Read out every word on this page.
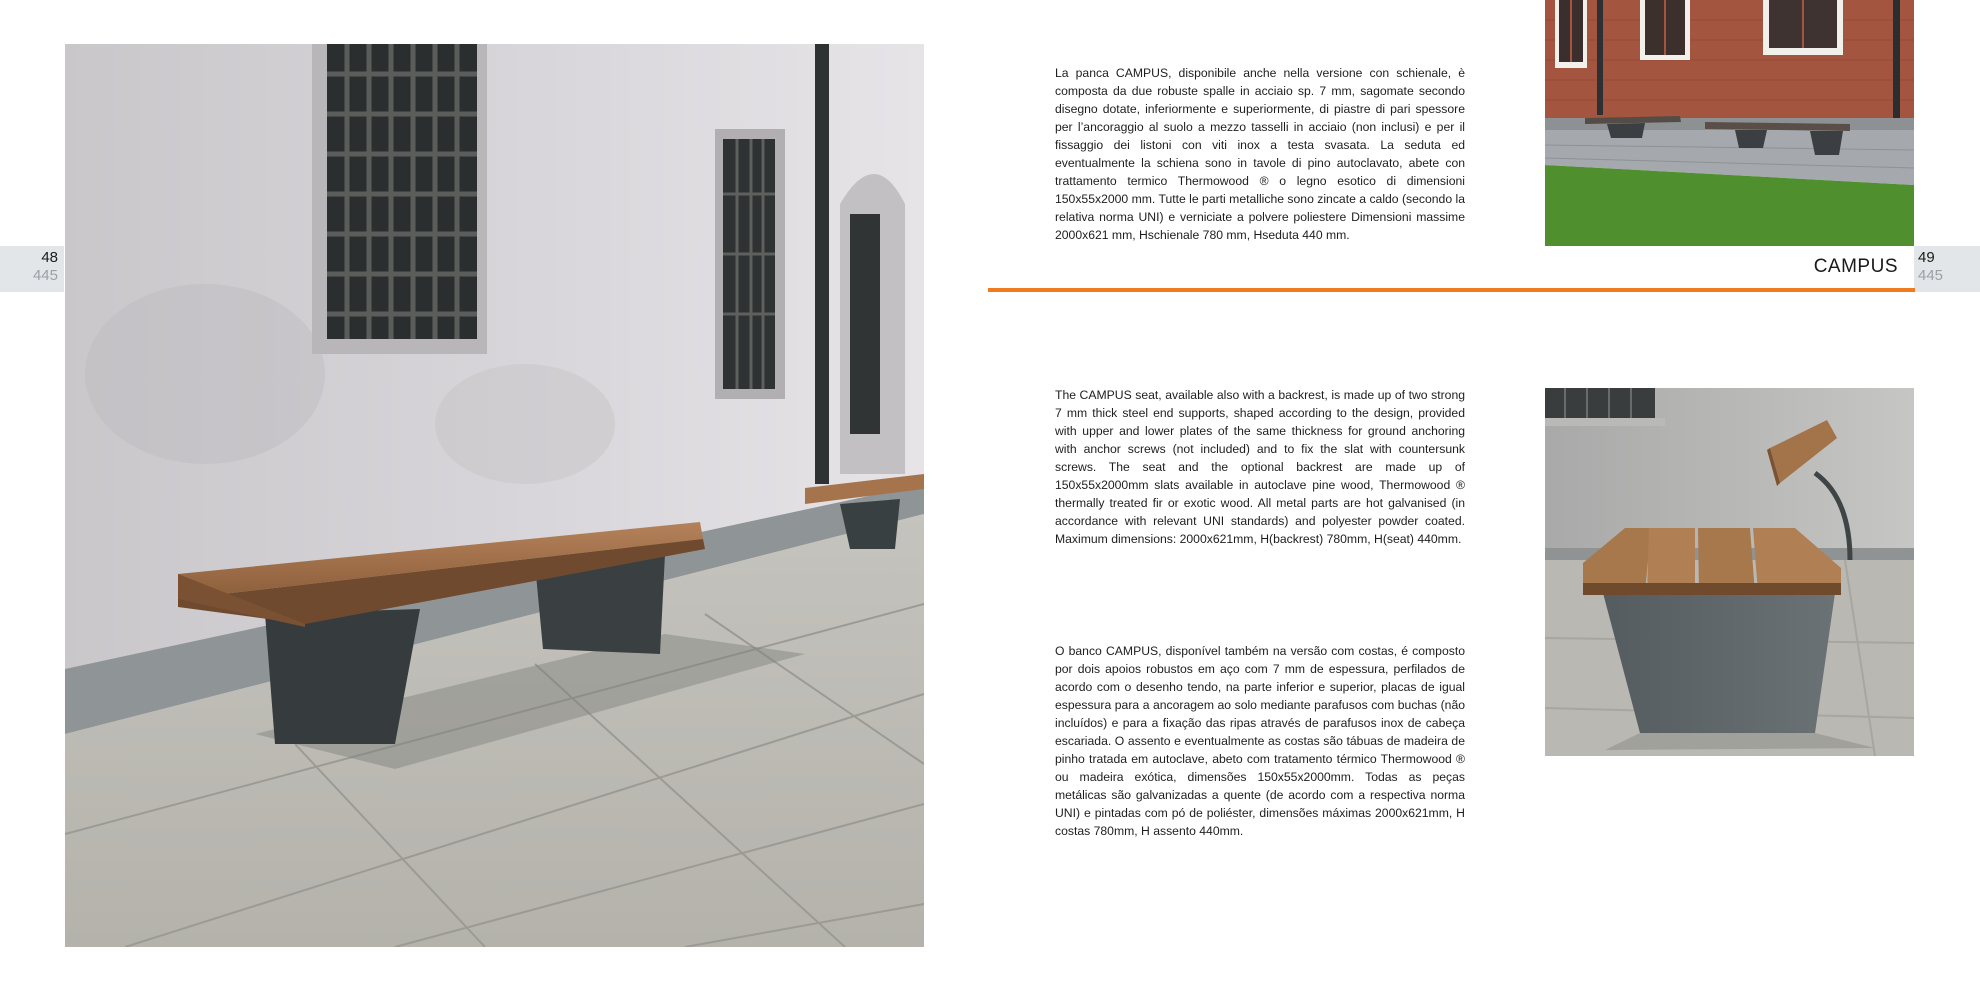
48
445
49
445

La panca CAMPUS, disponibile anche nella versione con schienale, è composta da due robuste spalle in acciaio sp. 7 mm, sagomate secondo disegno dotate, inferiormente e superiormente, di piastre di pari spessore per l’ancoraggio al suolo a mezzo tasselli in acciaio (non inclusi) e per il fissaggio dei listoni con viti inox a testa svasata. La seduta ed eventualmente la schiena sono in tavole di pino autoclavato, abete con trattamento termico Thermowood ® o legno esotico di dimensioni 150x55x2000 mm. Tutte le parti metalliche sono zincate a caldo (secondo la relativa norma UNI) e verniciate a polvere poliestere Dimensioni massime 2000x621 mm, Hschienale 780 mm, Hseduta 440 mm.

CAMPUS

The CAMPUS seat, available also with a backrest, is made up of two strong 7 mm thick steel end supports, shaped according to the design, provided with upper and lower plates of the same thickness for ground anchoring with anchor screws (not included) and to fix the slat with countersunk screws. The seat and the optional backrest are made up of 150x55x2000mm slats available in autoclave pine wood, Thermowood ® thermally treated fir or exotic wood. All metal parts are hot galvanised (in accordance with relevant UNI standards) and polyester powder coated. Maximum dimensions: 2000x621mm, H(backrest) 780mm, H(seat) 440mm.

O banco CAMPUS, disponível também na versão com costas, é composto por dois apoios robustos em aço com 7 mm de espessura, perfilados de acordo com o desenho tendo, na parte inferior e superior, placas de igual espessura para a ancoragem ao solo mediante parafusos com buchas (não incluídos) e para a fixação das ripas através de parafusos inox de cabeça escariada. O assento e eventualmente as costas são tábuas de madeira de pinho tratada em autoclave, abeto com tratamento térmico Thermowood ® ou madeira exótica, dimensões 150x55x2000mm. Todas as peças metálicas são galvanizadas a quente (de acordo com a respectiva norma UNI) e pintadas com pó de poliéster, dimensões máximas 2000x621mm, H costas 780mm, H assento 440mm.
